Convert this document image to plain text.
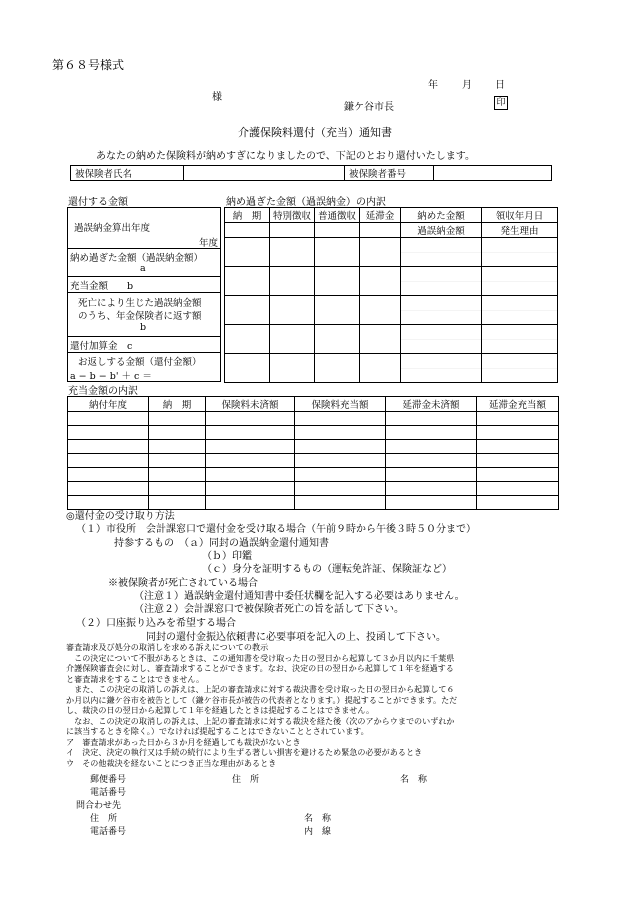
第６８号様式
年 月 日
様
鎌ケ谷市長	印
介護保険料還付（充当）通知書
あなたの納めた保険料が納めすぎになりましたので、下記のとおり還付いたします。
被保険者氏名		被保険者番号	
還付する金額
過誤納金算出年度
年度
納め過ぎた金額（過誤納金額）
a
充当金額　　b
死亡により生じた過誤納金額
のうち、年金保険者に返す額
b
還付加算金　c
お返しする金額（還付金額）
a − b − b' ＋ c ＝
納め過ぎた金額（過誤納金）の内訳
納　期	特別徴収	普通徴収	延滞金	納めた金額	領収年月日
				過誤納金額	発生理由

充当金額の内訳
納付年度	納　期	保険料未済額	保険料充当額	延滞金未済額	延滞金充当額

◎還付金の受け取り方法
（１）市役所　会計課窓口で還付金を受け取る場合（午前９時から午後３時５０分まで）
持参するもの　（ａ）同封の過誤納金還付通知書
（ｂ）印鑑
（ｃ）身分を証明するもの（運転免許証、保険証など）
※被保険者が死亡されている場合
（注意１）過誤納金還付通知書中委任状欄を記入する必要はありません。
（注意２）会計課窓口で被保険者死亡の旨を話して下さい。
（２）口座振り込みを希望する場合
同封の還付金振込依頼書に必要事項を記入の上、投函して下さい。

審査請求及び処分の取消しを求める訴えについての教示

　この決定について不服があるときは、この通知書を受け取った日の翌日から起算して３か月以内に千葉県

介護保険審査会に対し、審査請求することができます。なお、決定の日の翌日から起算して１年を経過する

と審査請求をすることはできません。

　また、この決定の取消しの訴えは、上記の審査請求に対する裁決書を受け取った日の翌日から起算して６

か月以内に鎌ケ谷市を被告として（鎌ケ谷市長が被告の代表者となります。）提起することができます。ただ

し、裁決の日の翌日から起算して１年を経過したときは提起することはできません。

　なお、この決定の取消しの訴えは、上記の審査請求に対する裁決を経た後（次のアからウまでのいずれか

に該当するときを除く。）でなければ提起することはできないこととされています。

ア　審査請求があった日から３か月を経過しても裁決がないとき

イ　決定、決定の執行又は手続の続行により生ずる著しい損害を避けるため緊急の必要があるとき

ウ　その他裁決を経ないことにつき正当な理由があるとき

郵便番号	住　所	名　称
電話番号
問合わせ先
住　所	名　称
電話番号	内　線
